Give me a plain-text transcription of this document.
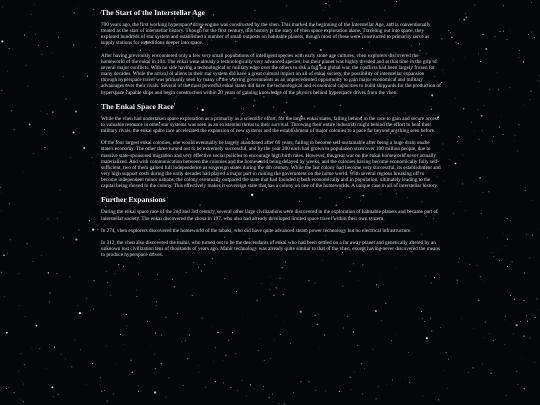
The Start of the Interstellar Age

700 years ago, the first working hyperspace drive engine was constructed by the vhen. This marked the beginning of the Interstellar Age, and is conventionally treated as the start of interstellar history. Though for the first century, this history is the story of vhen space exploration alone. Traveling out into space, they explored hundreds of star system and established a number of small outposts on habitable planets, though most of these were constructed to primarily serve as supply stations for expeditions deeper into space.

After having previously encountered only a few very small populations of intelligent species with early stone age cultures, vhen explorers discovered the homeworld of the enkai in 104. The enkai were already a technologically very advanced species, but their planet was highly divided and at that time in the grip of several major conflicts. With no side having a technological or military edge over the others to risk a full out global war, the conflicts had been largely frozen for many decades. While the arrival of aliens in their star system did have a great cultural impact on all of enkai society, the possibility of interstellar expansion through hyperspace travel was primarily seen by many of the warring governments as an unprecedented opportunity to gain major economical and military advantages over their rivals. Several of the most powerful enkai states did have the technological and economical capacities to build shipyards for the production of hyperspace capable ships and begin construction within 20 years of gaining knowledge of the physics behind hyperspace drives from the vhen.

The Enkai Space Race

While the vhen had undertaken space exploration as a primarily as a scientific effort, for the larges enkai states, falling behind in the race to gain and secure access to valuable resource in other star systems was seen as an existential threat to their survival. Throwing their entire industrial might behind the effort to beat their military rivals, the enkai space race accelerated the expansion of new systems and the establishment of major colonies to a pace far beyond anything seen before.

Of the four largest enkai colonies, one would eventually be largely abandoned after 60 years, failing to become self-sustainable after being a huge drain on the state's economy. The other three turned out to be extremely successful, and by the year 300 each had grown to population sizes over 100 million people, due to massive state-sponsored migration and very effective social policies to encourage high birth rates. However, the great war on the enkai homeworld never actually materialized. And with communication between the colonies and the homeworld being delayed by weeks, and the colonies having become economically fully self-sufficient, two of them gained full independence as sovereign states during the 4th century. While the last colony had become very successful, its establishment and very high support costs during the early decades had played a major part in ruining the government on the home world. With several regions breaking off to become independent minor nations, the colony eventually outpaced the state that had founded it both economically and in population, ultimately leading to the capital being moved to the colony. This effectively makes it sovereign state that has a colony on one of the homeworlds. A unique case in all of interstellar history.

Further Expansions

During the enkai space race of the 2nd and 3rd century, several other large civilizations were discovered in the exploration of habitable planets and became part of interstellar society. The enkai discovered the chosa in 197, who also had already developed limited space travel within their own system.

In 274, vhen explorers discovered the homeworld of the tabaki, who did have quite advanced steam power technology but no electrical infrastructure.

In 312, the vhen also discovered the mahir, who turned out to be the descendants of enkai who had been settled on a far away planet and genetically altered by an unknown lost civilization tens of thousands of years ago. Mahir technology was already quite similar to that of the vhen, except having never discovered the means to produce hyperspace drives.
